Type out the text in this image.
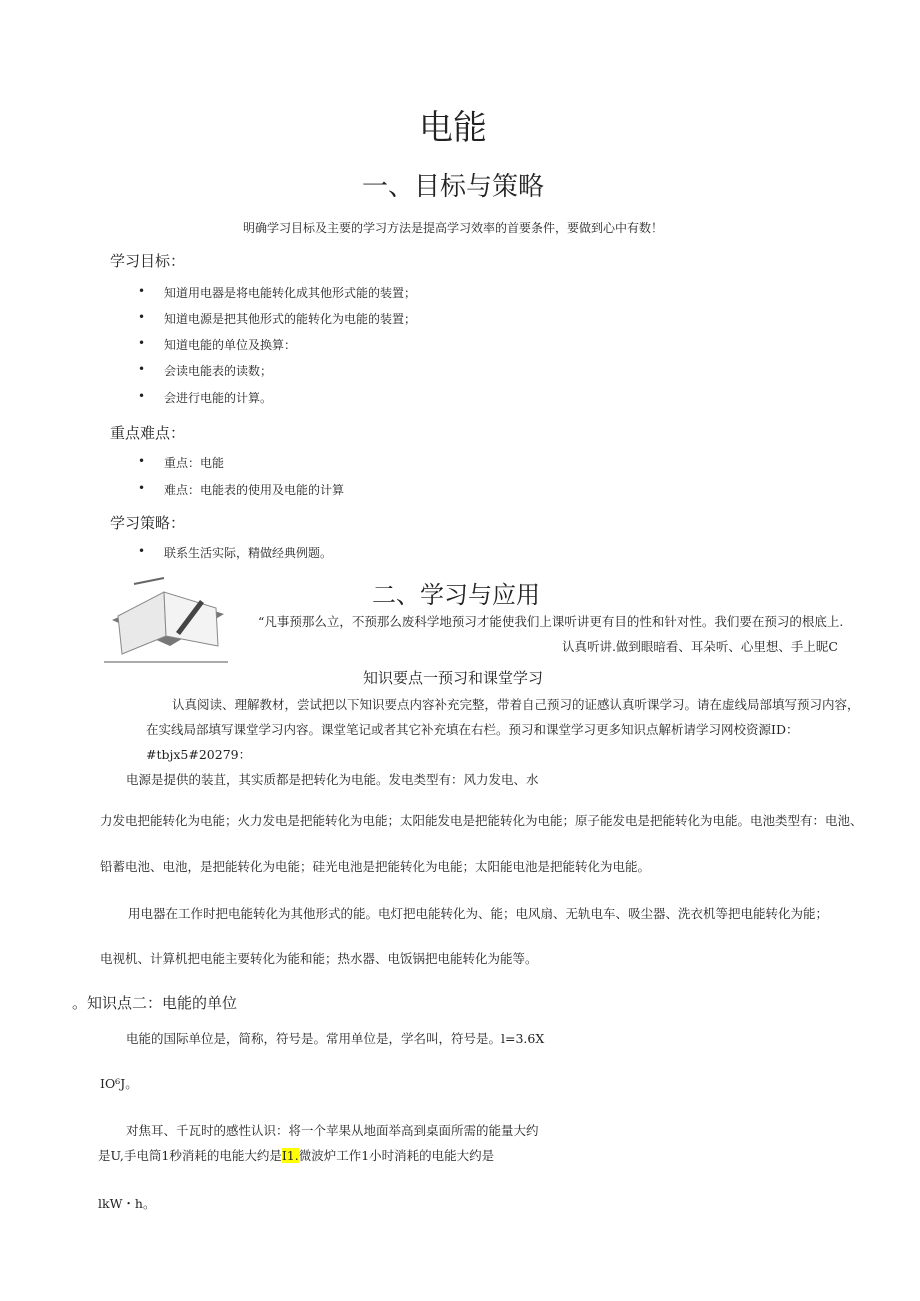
电能
一、目标与策略
明确学习目标及主要的学习方法是提高学习效率的首要条件，要做到心中有数！
学习目标：
• 知道用电器是将电能转化成其他形式能的装置；
• 知道电源是把其他形式的能转化为电能的装置；
• 知道电能的单位及换算：
• 会读电能表的读数；
• 会进行电能的计算。
重点难点：
• 重点：电能
• 难点：电能表的使用及电能的计算
学习策略：
• 联系生活实际，精做经典例题。
二、学习与应用
“凡事预那么立，不预那么废科学地预习才能使我们上课听讲更有目的性和针对性。我们要在预习的根底上.
认真听讲.做到眼暗看、耳朵听、心里想、手上昵C
知识要点一预习和课堂学习
认真阅读、理解教材，尝试把以下知识要点内容补充完整，带着自己预习的证感认真听课学习。请在虚线局部填写预习内容，
在实线局部填写课堂学习内容。课堂笔记或者其它补充填在右栏。预习和课堂学习更多知识点解析请学习网校资源ID：
#tbjx5#20279：
电源是提供的装苴，其实质都是把转化为电能。发电类型有：风力发电、水
力发电把能转化为电能；火力发电是把能转化为电能；太阳能发电是把能转化为电能；原子能发电是把能转化为电能。电池类型有：电池、
铅蓄电池、电池，是把能转化为电能；硅光电池是把能转化为电能；太阳能电池是把能转化为电能。
用电器在工作时把电能转化为其他形式的能。电灯把电能转化为、能；电风扇、无轨电车、吸尘器、洗衣机等把电能转化为能；
电视机、计算机把电能主要转化为能和能；热水器、电饭锅把电能转化为能等。
。知识点二：电能的单位
电能的国际单位是，简称，符号是。常用单位是，学名叫，符号是。l=3.6X
IO⁶J。
对焦耳、千瓦时的感性认识：将一个苹果从地面举高到桌面所需的能量大约
是U,手电筒1秒消耗的电能大约是I1.微波炉工作1小时消耗的电能大约是
lkW・h。
